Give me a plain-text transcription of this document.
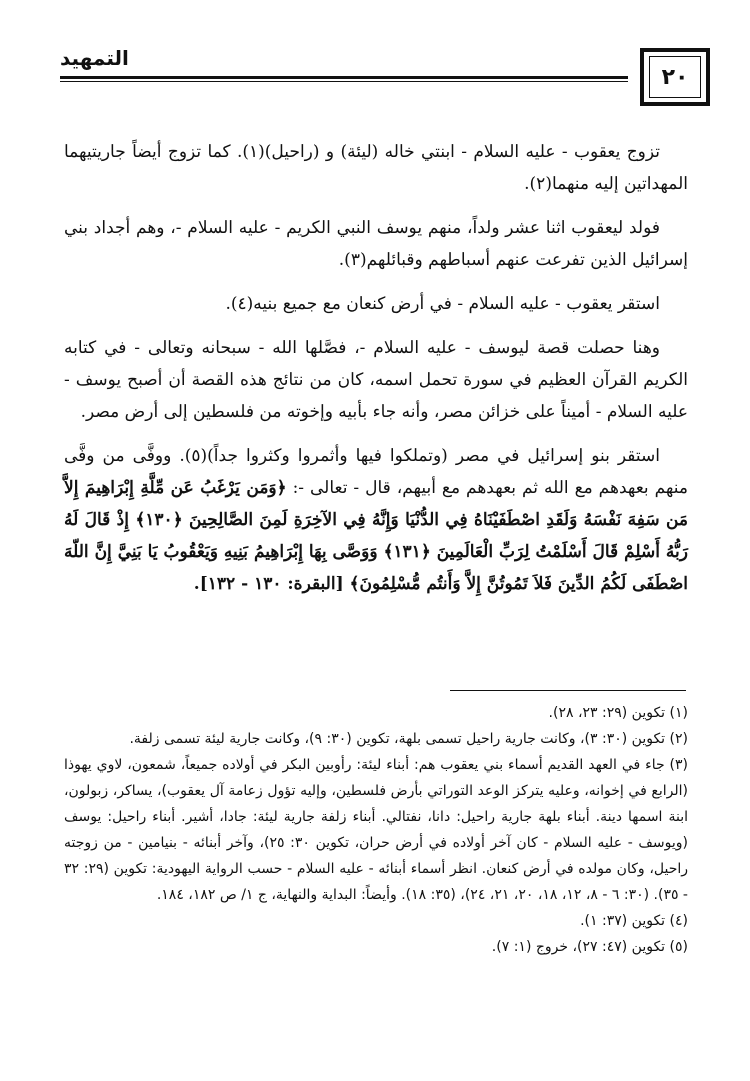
التمهيد
٢٠

تزوج يعقوب - عليه السلام - ابنتي خاله (ليئة) و (راحيل)(١). كما تزوج أيضاً جاريتيهما المهداتين إليه منهما(٢).

فولد ليعقوب اثنا عشر ولداً، منهم يوسف النبي الكريم - عليه السلام -، وهم أجداد بني إسرائيل الذين تفرعت عنهم أسباطهم وقبائلهم(٣).

استقر يعقوب - عليه السلام - في أرض كنعان مع جميع بنيه(٤).

وهنا حصلت قصة ليوسف - عليه السلام -، فصَّلها الله - سبحانه وتعالى - في كتابه الكريم القرآن العظيم في سورة تحمل اسمه، كان من نتائج هذه القصة أن أصبح يوسف - عليه السلام - أميناً على خزائن مصر، وأنه جاء بأبيه وإخوته من فلسطين إلى أرض مصر.

استقر بنو إسرائيل في مصر (وتملكوا فيها وأثمروا وكثروا جداً)(٥). ووفَّى من وفَّى منهم بعهدهم مع الله ثم بعهدهم مع أبيهم، قال - تعالى -: ﴿وَمَن يَرْغَبُ عَن مِّلَّةِ إِبْرَاهِيمَ إِلاَّ مَن سَفِهَ نَفْسَهُ وَلَقَدِ اصْطَفَيْنَاهُ فِي الدُّنْيَا وَإِنَّهُ فِي الآخِرَةِ لَمِنَ الصَّالِحِينَ ﴿١٣٠﴾ إِذْ قَالَ لَهُ رَبُّهُ أَسْلِمْ قَالَ أَسْلَمْتُ لِرَبِّ الْعَالَمِينَ ﴿١٣١﴾ وَوَصَّى بِهَا إِبْرَاهِيمُ بَنِيهِ وَيَعْقُوبُ يَا بَنِيَّ إِنَّ اللّهَ اصْطَفَى لَكُمُ الدِّينَ فَلاَ تَمُوتُنَّ إِلاَّ وَأَنتُم مُّسْلِمُونَ﴾ [البقرة: ١٣٠ - ١٣٢].

(١) تكوين (٢٩: ٢٣، ٢٨).

(٢) تكوين (٣٠: ٣)، وكانت جارية راحيل تسمى بلهة، تكوين (٣٠: ٩)، وكانت جارية ليئة تسمى زلفة.

(٣) جاء في العهد القديم أسماء بني يعقوب هم: أبناء ليئة: رأوبين البكر في أولاده جميعاً، شمعون، لاوي يهوذا (الرابع في إخوانه، وعليه يتركز الوعد التوراتي بأرض فلسطين، وإليه تؤول زعامة آل يعقوب)، يساكر، زبولون، ابنة اسمها دينة. أبناء بلهة جارية راحيل: دانا، نفتالي. أبناء زلفة جارية ليئة: جادا، أشير. أبناء راحيل: يوسف (ويوسف - عليه السلام - كان آخر أولاده في أرض حران، تكوين ٣٠: ٢٥)، وآخر أبنائه - بنيامين - من زوجته راحيل، وكان مولده في أرض كنعان. انظر أسماء أبنائه - عليه السلام - حسب الرواية اليهودية: تكوين (٢٩: ٣٢ - ٣٥). (٣٠: ٦ - ٨، ١٢، ١٨، ٢٠، ٢١، ٢٤)، (٣٥: ١٨). وأيضاً: البداية والنهاية، ج ١/ ص ١٨٢، ١٨٤.

(٤) تكوين (٣٧: ١).

(٥) تكوين (٤٧: ٢٧)، خروج (١: ٧).
